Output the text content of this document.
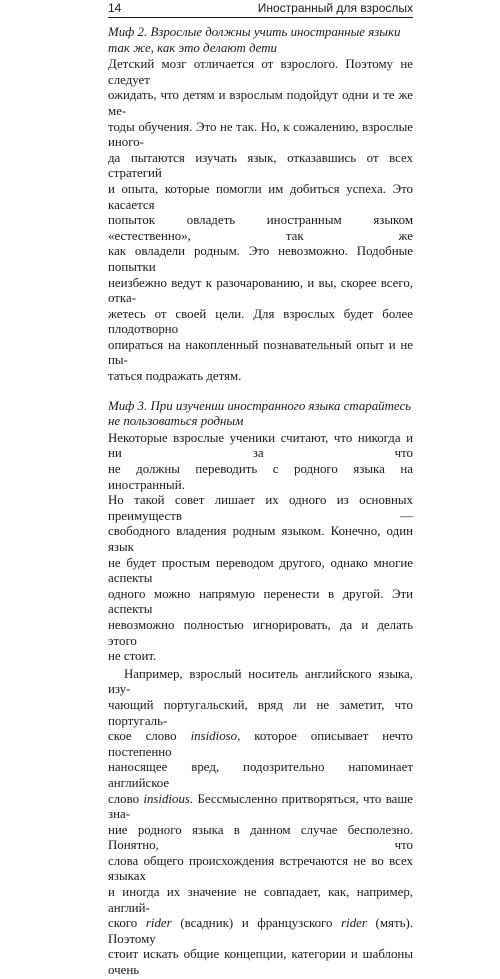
14	Иностранный для взрослых

Миф 2. Взрослые должны учить иностранные языки
так же, как это делают дети

Детский мозг отличается от взрослого. Поэтому не следует
ожидать, что детям и взрослым подойдут одни и те же ме-
тоды обучения. Это не так. Но, к сожалению, взрослые иного-
да пытаются изучать язык, отказавшись от всех стратегий
и опыта, которые помогли им добиться успеха. Это касается
попыток овладеть иностранным языком «естественно», так же
как овладели родным. Это невозможно. Подобные попытки
неизбежно ведут к разочарованию, и вы, скорее всего, отка-
жетесь от своей цели. Для взрослых будет более плодотворно
опираться на накопленный познавательный опыт и не пы-
таться подражать детям.

Миф 3. При изучении иностранного языка старайтесь
не пользоваться родным

Некоторые взрослые ученики считают, что никогда и ни за что
не должны переводить с родного языка на иностранный.
Но такой совет лишает их одного из основных преимуществ —
свободного владения родным языком. Конечно, один язык
не будет простым переводом другого, однако многие аспекты
одного можно напрямую перенести в другой. Эти аспекты
невозможно полностью игнорировать, да и делать этого
не стоит.

Например, взрослый носитель английского языка, изу-
чающий португальский, вряд ли не заметит, что португаль-
ское слово insidioso, которое описывает нечто постепенно
наносящее вред, подозрительно напоминает английское
слово insidious. Бессмысленно притворяться, что ваше зна-
ние родного языка в данном случае бесполезно. Понятно, что
слова общего происхождения встречаются не во всех языках
и иногда их значение не совпадает, как, например, англий-
ского rider (всадник) и французского rider (мять). Поэтому
стоит искать общие концепции, категории и шаблоны очень
